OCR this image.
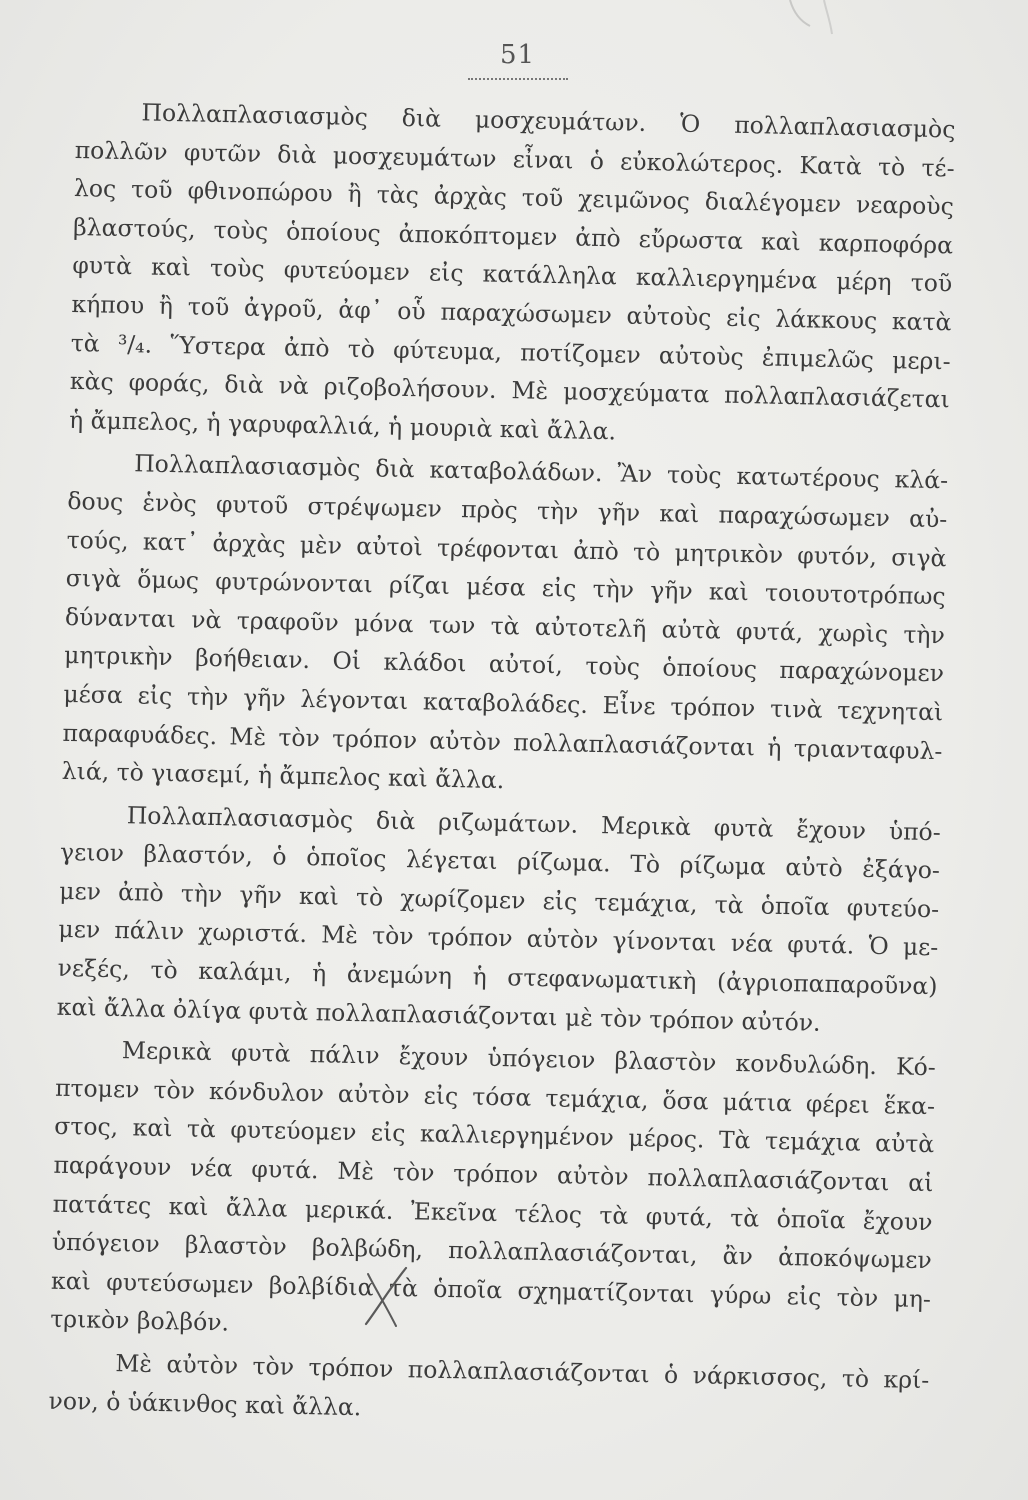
51
Πολλαπλασιασμὸς διὰ μοσχευμάτων. Ὁ πολλαπλασιασμὸς
πολλῶν φυτῶν διὰ μοσχευμάτων εἶναι ὁ εὐκολώτερος. Κατὰ τὸ τέ-
λος τοῦ φθινοπώρου ἢ τὰς ἀρχὰς τοῦ χειμῶνος διαλέγομεν νεαροὺς
βλαστούς, τοὺς ὁποίους ἀποκόπτομεν ἀπὸ εὔρωστα καὶ καρποφόρα
φυτὰ καὶ τοὺς φυτεύομεν εἰς κατάλληλα καλλιεργημένα μέρη τοῦ
κήπου ἢ τοῦ ἀγροῦ, ἀφ᾽ οὗ παραχώσωμεν αὐτοὺς εἰς λάκκους κατὰ
τὰ ³/₄. Ὕστερα ἀπὸ τὸ φύτευμα, ποτίζομεν αὐτοὺς ἐπιμελῶς μερι-
κὰς φοράς, διὰ νὰ ριζοβολήσουν. Μὲ μοσχεύματα πολλαπλασιάζεται
ἡ ἄμπελος, ἡ γαρυφαλλιά, ἡ μουριὰ καὶ ἄλλα.
Πολλαπλασιασμὸς διὰ καταβολάδων. Ἂν τοὺς κατωτέρους κλά-
δους ἑνὸς φυτοῦ στρέψωμεν πρὸς τὴν γῆν καὶ παραχώσωμεν αὐ-
τούς, κατ᾽ ἀρχὰς μὲν αὐτοὶ τρέφονται ἀπὸ τὸ μητρικὸν φυτόν, σιγὰ
σιγὰ ὅμως φυτρώνονται ρίζαι μέσα εἰς τὴν γῆν καὶ τοιουτοτρόπως
δύνανται νὰ τραφοῦν μόνα των τὰ αὐτοτελῆ αὐτὰ φυτά, χωρὶς τὴν
μητρικὴν βοήθειαν. Οἱ κλάδοι αὐτοί, τοὺς ὁποίους παραχώνομεν
μέσα εἰς τὴν γῆν λέγονται καταβολάδες. Εἶνε τρόπον τινὰ τεχνηταὶ
παραφυάδες. Μὲ τὸν τρόπον αὐτὸν πολλαπλασιάζονται ἡ τριανταφυλ-
λιά, τὸ γιασεμί, ἡ ἄμπελος καὶ ἄλλα.
Πολλαπλασιασμὸς διὰ ριζωμάτων. Μερικὰ φυτὰ ἔχουν ὑπό-
γειον βλαστόν, ὁ ὁποῖος λέγεται ρίζωμα. Τὸ ρίζωμα αὐτὸ ἐξάγο-
μεν ἀπὸ τὴν γῆν καὶ τὸ χωρίζομεν εἰς τεμάχια, τὰ ὁποῖα φυτεύο-
μεν πάλιν χωριστά. Μὲ τὸν τρόπον αὐτὸν γίνονται νέα φυτά. Ὁ με-
νεξές, τὸ καλάμι, ἡ ἀνεμώνη ἡ στεφανωματικὴ (ἀγριοπαπαροῦνα)
καὶ ἄλλα ὀλίγα φυτὰ πολλαπλασιάζονται μὲ τὸν τρόπον αὐτόν.
Μερικὰ φυτὰ πάλιν ἔχουν ὑπόγειον βλαστὸν κονδυλώδη. Κό-
πτομεν τὸν κόνδυλον αὐτὸν εἰς τόσα τεμάχια, ὅσα μάτια φέρει ἕκα-
στος, καὶ τὰ φυτεύομεν εἰς καλλιεργημένον μέρος. Τὰ τεμάχια αὐτὰ
παράγουν νέα φυτά. Μὲ τὸν τρόπον αὐτὸν πολλαπλασιάζονται αἱ
πατάτες καὶ ἄλλα μερικά. Ἐκεῖνα τέλος τὰ φυτά, τὰ ὁποῖα ἔχουν
ὑπόγειον βλαστὸν βολβώδη, πολλαπλασιάζονται, ἂν ἀποκόψωμεν
καὶ φυτεύσωμεν βολβίδια τὰ ὁποῖα σχηματίζονται γύρω εἰς τὸν μη-
τρικὸν βολβόν.
Μὲ αὐτὸν τὸν τρόπον πολλαπλασιάζονται ὁ νάρκισσος, τὸ κρί-
νον, ὁ ὑάκινθος καὶ ἄλλα.
